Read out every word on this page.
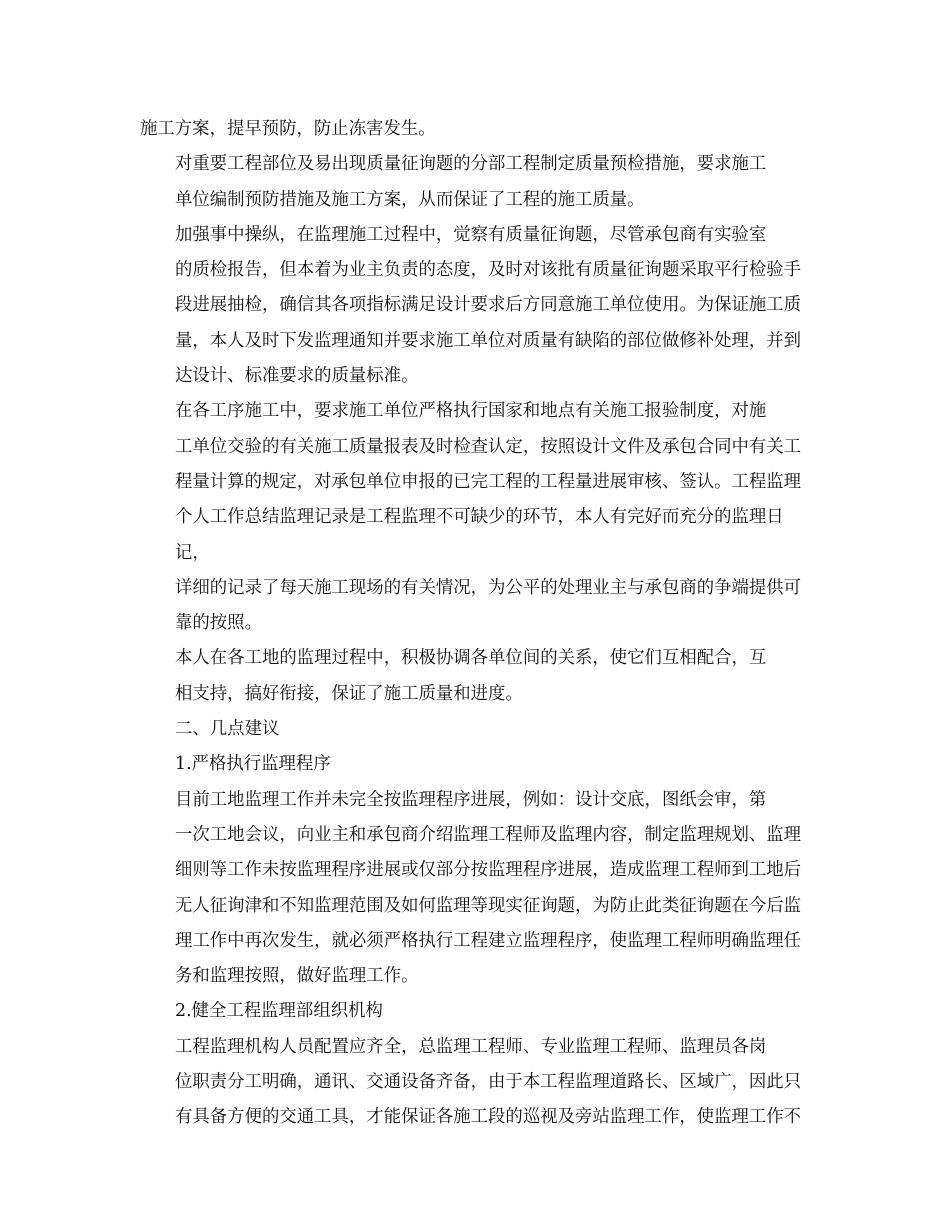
施工方案，提早预防，防止冻害发生。

对重要工程部位及易出现质量征询题的分部工程制定质量预检措施，要求施工
单位编制预防措施及施工方案，从而保证了工程的施工质量。

加强事中操纵，在监理施工过程中，觉察有质量征询题，尽管承包商有实验室
的质检报告，但本着为业主负责的态度，及时对该批有质量征询题采取平行检验手
段进展抽检，确信其各项指标满足设计要求后方同意施工单位使用。为保证施工质
量，本人及时下发监理通知并要求施工单位对质量有缺陷的部位做修补处理，并到
达设计、标准要求的质量标准。

在各工序施工中，要求施工单位严格执行国家和地点有关施工报验制度，对施
工单位交验的有关施工质量报表及时检查认定，按照设计文件及承包合同中有关工
程量计算的规定，对承包单位申报的已完工程的工程量进展审核、签认。工程监理
个人工作总结监理记录是工程监理不可缺少的环节，本人有完好而充分的监理日记，
详细的记录了每天施工现场的有关情况，为公平的处理业主与承包商的争端提供可
靠的按照。

本人在各工地的监理过程中，积极协调各单位间的关系，使它们互相配合，互
相支持，搞好衔接，保证了施工质量和进度。

二、几点建议

1.严格执行监理程序

目前工地监理工作并未完全按监理程序进展，例如：设计交底，图纸会审，第
一次工地会议，向业主和承包商介绍监理工程师及监理内容，制定监理规划、监理
细则等工作未按监理程序进展或仅部分按监理程序进展，造成监理工程师到工地后
无人征询津和不知监理范围及如何监理等现实征询题，为防止此类征询题在今后监
理工作中再次发生，就必须严格执行工程建立监理程序，使监理工程师明确监理任
务和监理按照，做好监理工作。

2.健全工程监理部组织机构

工程监理机构人员配置应齐全，总监理工程师、专业监理工程师、监理员各岗
位职责分工明确，通讯、交通设备齐备，由于本工程监理道路长、区域广，因此只
有具备方便的交通工具，才能保证各施工段的巡视及旁站监理工作，使监理工作不
